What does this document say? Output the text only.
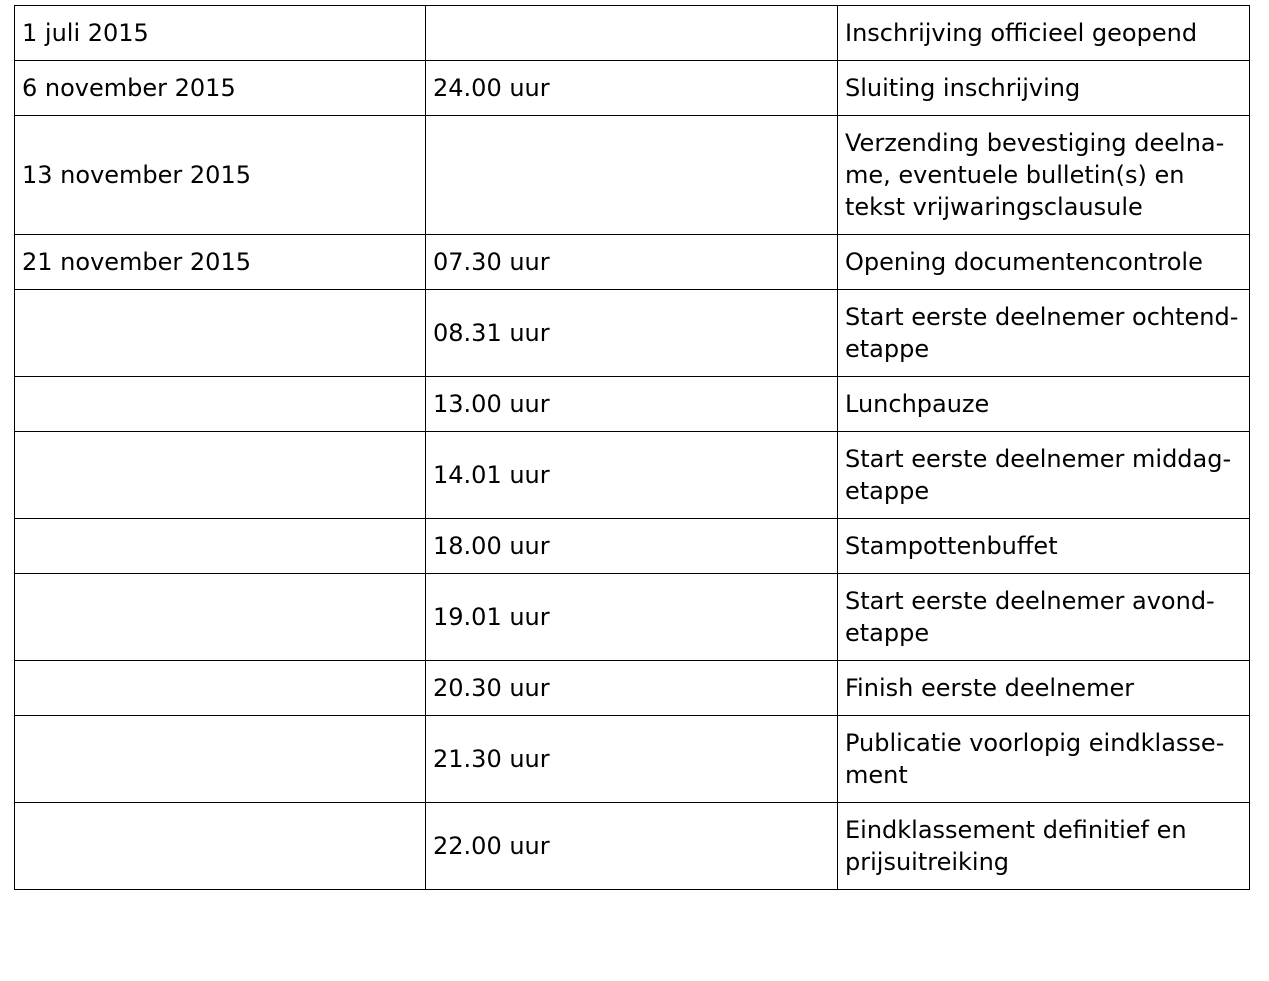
1 juli 2015		Inschrijving officieel geopend
6 november 2015	24.00 uur	Sluiting inschrijving
13 november 2015		Verzending bevestiging deelna-
me, eventuele bulletin(s) en
tekst vrijwaringsclausule
21 november 2015	07.30 uur	Opening documentencontrole
	08.31 uur	Start eerste deelnemer ochtend-
etappe
	13.00 uur	Lunchpauze
	14.01 uur	Start eerste deelnemer middag-
etappe
	18.00 uur	Stampottenbuffet
	19.01 uur	Start eerste deelnemer avond-
etappe
	20.30 uur	Finish eerste deelnemer
	21.30 uur	Publicatie voorlopig eindklasse-
ment
	22.00 uur	Eindklassement definitief en
prijsuitreiking
